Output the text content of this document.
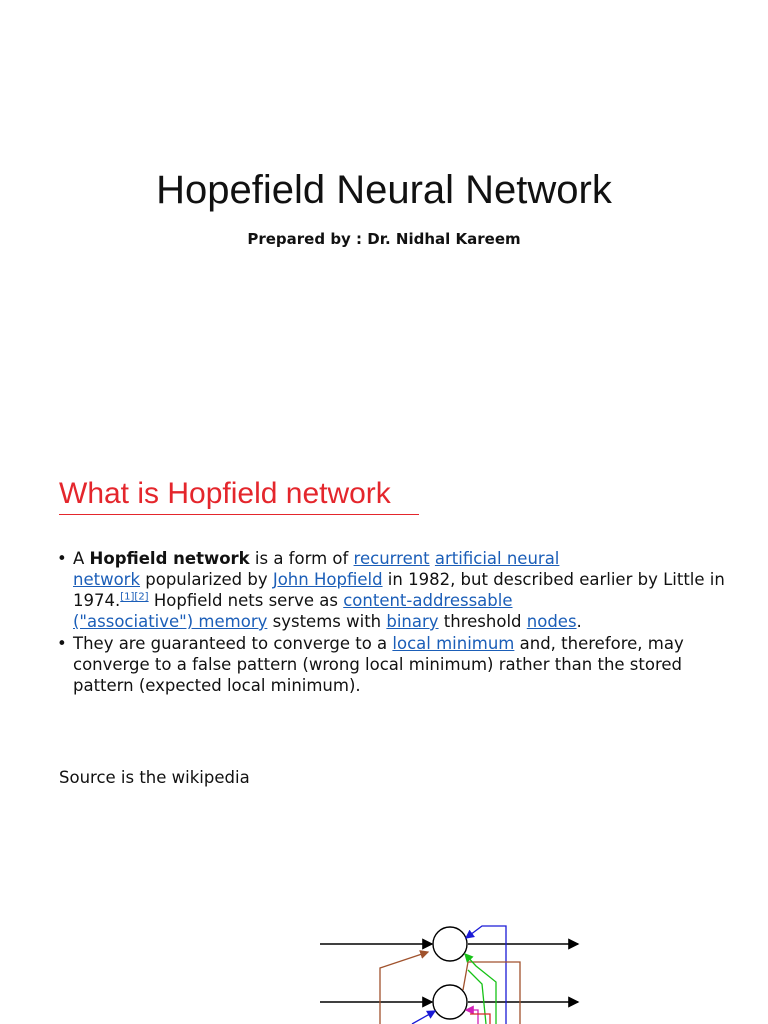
Hopefield Neural Network
Prepared by : Dr. Nidhal Kareem
What is Hopfield network
• A Hopfield network is a form of recurrent artificial neural
network popularized by John Hopfield in 1982, but described earlier by Little in 1974.[1][2] Hopfield nets serve as content-addressable
("associative") memory systems with binary threshold nodes.
• They are guaranteed to converge to a local minimum and, therefore, may converge to a false pattern (wrong local minimum) rather than the stored pattern (expected local minimum).
Source is the wikipedia
